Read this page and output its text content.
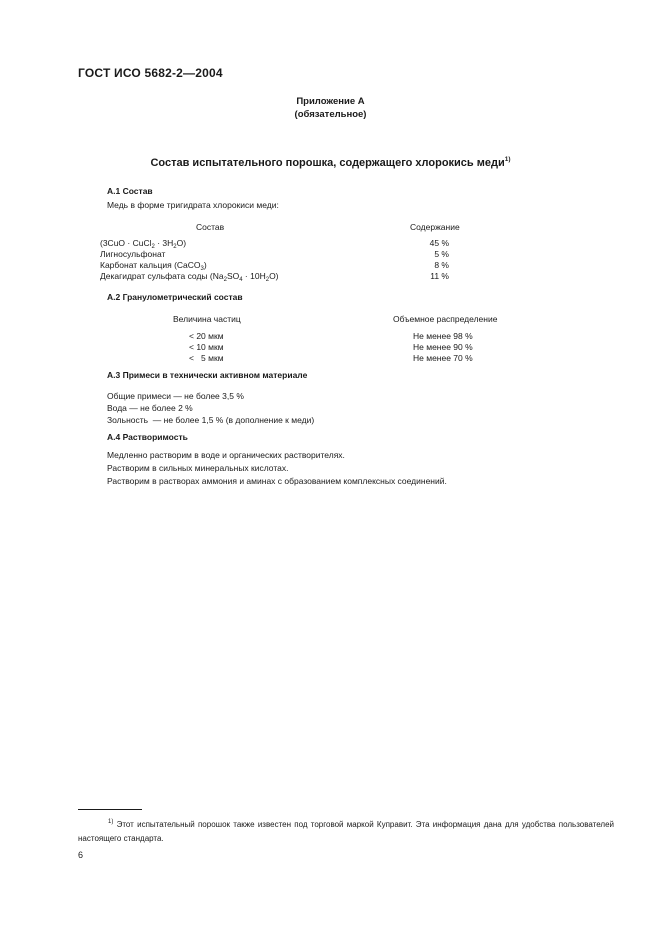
ГОСТ ИСО 5682-2—2004
Приложение А
(обязательное)
Состав испытательного порошка, содержащего хлорокись меди$^{1)}$
А.1 Состав
Медь в форме тригидрата хлорокиси меди:
Состав	Содержание
(3CuO · CuCl$_2$ · $3H_2O$)	45 %
Лигносульфонат	5 %
Карбонат кальция (CaCO$_3$)	8 %
Декагидрат сульфата соды $(Na_2SO_4 \cdot 10H_2O)$	11 %
А.2 Гранулометрический состав
Величина частиц	Объемное распределение
< 20 мкм	Не менее 98 %
< 10 мкм	Не менее 90 %
<   5 мкм	Не менее 70 %
А.3 Примеси в технически активном материале
Общие примеси — не более 3,5 %
Вода — не более 2 %
Зольность  — не более 1,5 % (в дополнение к меди)
А.4 Растворимость
Медленно растворим в воде и органических растворителях.
Растворим в сильных минеральных кислотах.
Растворим в растворах аммония и аминах с образованием комплексных соединений.
$^{1)}$ Этот испытательный порошок также известен под торговой маркой Куправит. Эта информация дана для удобства пользователей настоящего стандарта.
6
